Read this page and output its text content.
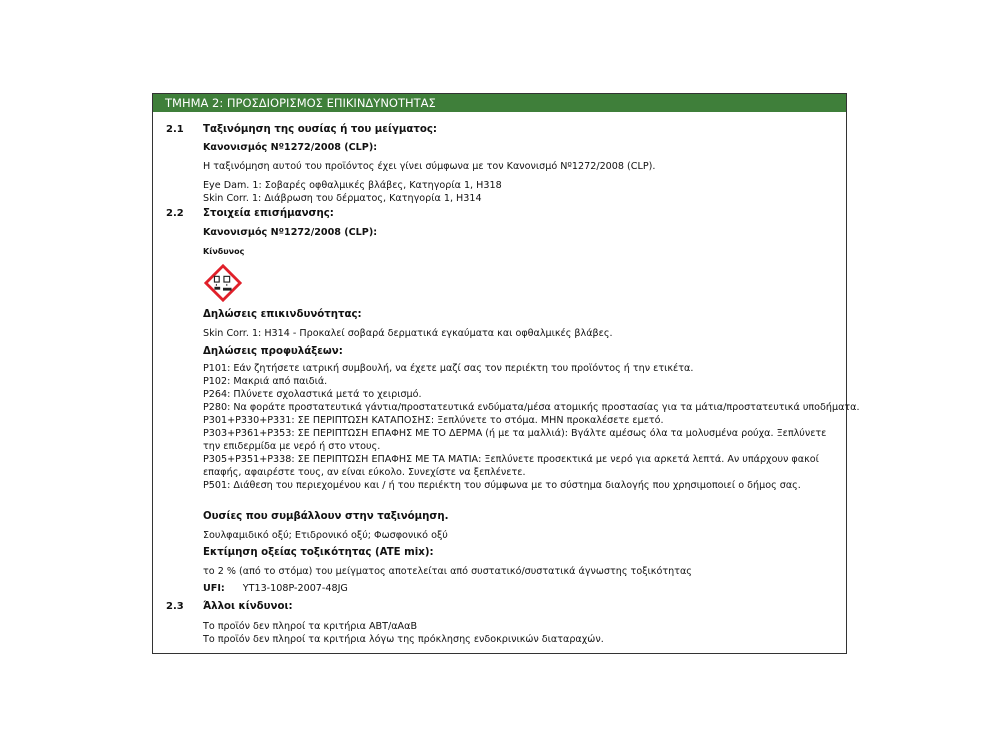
ΤΜΗΜΑ 2: ΠΡΟΣΔΙΟΡΙΣΜΟΣ ΕΠΙΚΙΝΔΥΝΟΤΗΤΑΣ
2.1 Ταξινόμηση της ουσίας ή του μείγματος:
Κανονισμός Nº1272/2008 (CLP):
Η ταξινόμηση αυτού του προϊόντος έχει γίνει σύμφωνα με τον Κανονισμό Nº1272/2008 (CLP).
Eye Dam. 1: Σοβαρές οφθαλμικές βλάβες, Κατηγορία 1, H318
Skin Corr. 1: Διάβρωση του δέρματος, Κατηγορία 1, H314
2.2 Στοιχεία επισήμανσης:
Κανονισμός Nº1272/2008 (CLP):
Κίνδυνος
Δηλώσεις επικινδυνότητας:
Skin Corr. 1: H314 - Προκαλεί σοβαρά δερματικά εγκαύματα και οφθαλμικές βλάβες.
Δηλώσεις προφυλάξεων:
P101: Εάν ζητήσετε ιατρική συμβουλή, να έχετε μαζί σας τον περιέκτη του προϊόντος ή την ετικέτα.
P102: Μακριά από παιδιά.
P264: Πλύνετε σχολαστικά μετά το χειρισμό.
P280: Να φοράτε προστατευτικά γάντια/προστατευτικά ενδύματα/μέσα ατομικής προστασίας για τα μάτια/προστατευτικά υποδήματα.
P301+P330+P331: ΣΕ ΠΕΡΙΠΤΩΣΗ ΚΑΤΑΠΟΣΗΣ: Ξεπλύνετε το στόμα. ΜΗΝ προκαλέσετε εμετό.
P303+P361+P353: ΣΕ ΠΕΡΙΠΤΩΣΗ ΕΠΑΦΗΣ ΜΕ ΤΟ ΔΕΡΜΑ (ή με τα μαλλιά): Βγάλτε αμέσως όλα τα μολυσμένα ρούχα. Ξεπλύνετε
την επιδερμίδα με νερό ή στο ντους.
P305+P351+P338: ΣΕ ΠΕΡΙΠΤΩΣΗ ΕΠΑΦΗΣ ΜΕ ΤΑ ΜΑΤΙΑ: Ξεπλύνετε προσεκτικά με νερό για αρκετά λεπτά. Αν υπάρχουν φακοί
επαφής, αφαιρέστε τους, αν είναι εύκολο. Συνεχίστε να ξεπλένετε.
P501: Διάθεση του περιεχομένου και / ή του περιέκτη του σύμφωνα με το σύστημα διαλογής που χρησιμοποιεί ο δήμος σας.
Ουσίες που συμβάλλουν στην ταξινόμηση.
Σουλφαμιδικό οξύ; Ετιδρονικό οξύ; Φωσφονικό οξύ
Εκτίμηση οξείας τοξικότητας (ATE mix):
το 2 % (από το στόμα) του μείγματος αποτελείται από συστατικό/συστατικά άγνωστης τοξικότητας
UFI: YT13-108P-2007-48JG
2.3 Άλλοι κίνδυνοι:
Το προϊόν δεν πληροί τα κριτήρια ΑΒΤ/αΑαΒ
Το προϊόν δεν πληροί τα κριτήρια λόγω της πρόκλησης ενδοκρινικών διαταραχών.
